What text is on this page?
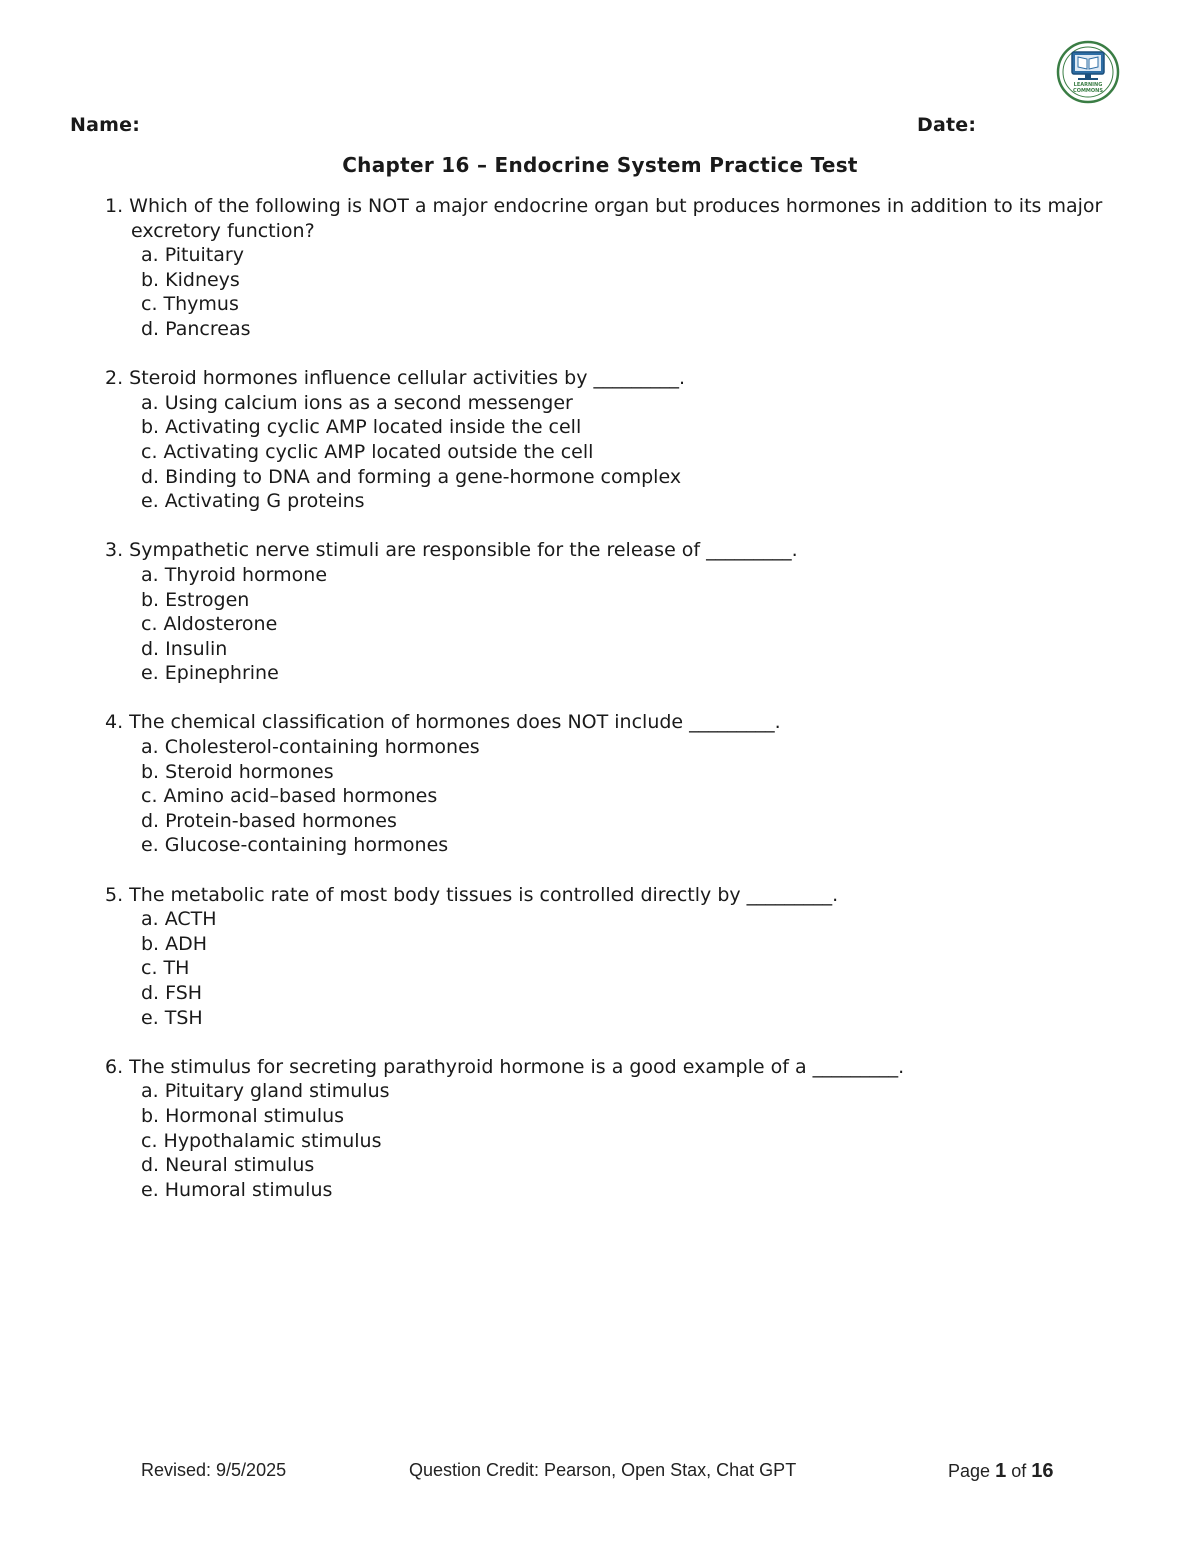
LEARNING
COMMONS
Name:	Date:
Chapter 16 – Endocrine System Practice Test
1. Which of the following is NOT a major endocrine organ but produces hormones in addition to its major excretory function?
a. Pituitary
b. Kidneys
c. Thymus
d. Pancreas
2. Steroid hormones influence cellular activities by _________.
a. Using calcium ions as a second messenger
b. Activating cyclic AMP located inside the cell
c. Activating cyclic AMP located outside the cell
d. Binding to DNA and forming a gene-hormone complex
e. Activating G proteins
3. Sympathetic nerve stimuli are responsible for the release of _________.
a. Thyroid hormone
b. Estrogen
c. Aldosterone
d. Insulin
e. Epinephrine
4. The chemical classification of hormones does NOT include _________.
a. Cholesterol-containing hormones
b. Steroid hormones
c. Amino acid–based hormones
d. Protein-based hormones
e. Glucose-containing hormones
5. The metabolic rate of most body tissues is controlled directly by _________.
a. ACTH
b. ADH
c. TH
d. FSH
e. TSH
6. The stimulus for secreting parathyroid hormone is a good example of a _________.
a. Pituitary gland stimulus
b. Hormonal stimulus
c. Hypothalamic stimulus
d. Neural stimulus
e. Humoral stimulus
Revised: 9/5/2025	Question Credit: Pearson, Open Stax, Chat GPT	Page 1 of 16
